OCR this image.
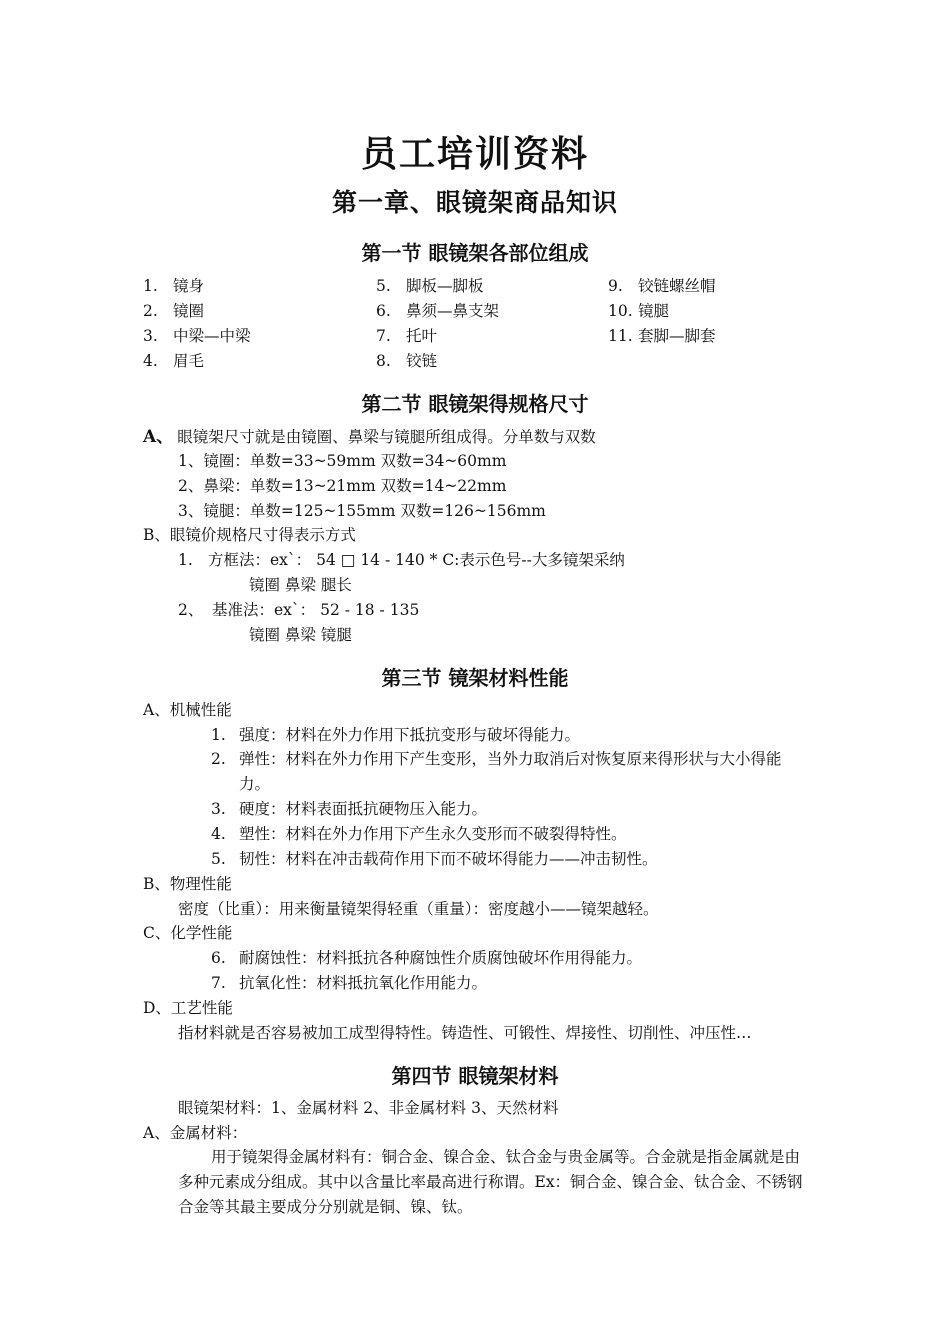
员工培训资料
第一章、眼镜架商品知识
第一节 眼镜架各部位组成
1. 镜身
2. 镜圈
3. 中梁—中梁
4. 眉毛
5. 脚板—脚板
6. 鼻须—鼻支架
7. 托叶
8. 铰链
9. 铰链螺丝帽
10. 镜腿
11. 套脚—脚套
第二节 眼镜架得规格尺寸
A、 眼镜架尺寸就是由镜圈、鼻梁与镜腿所组成得。分单数与双数
1、镜圈：单数=33~59mm 双数=34~60mm
2、鼻梁：单数=13~21mm 双数=14~22mm
3、镜腿：单数=125~155mm 双数=126~156mm
B、眼镜价规格尺寸得表示方式
1. 方框法：ex`： 54 □ 14 - 140 * C:表示色号--大多镜架采纳
镜圈 鼻梁 腿长
2、 基准法：ex`： 52 - 18 - 135
镜圈 鼻梁 镜腿
第三节 镜架材料性能
A、机械性能
1. 强度：材料在外力作用下抵抗变形与破坏得能力。
2. 弹性：材料在外力作用下产生变形，当外力取消后对恢复原来得形状与大小得能力。
3. 硬度：材料表面抵抗硬物压入能力。
4. 塑性：材料在外力作用下产生永久变形而不破裂得特性。
5. 韧性：材料在冲击载荷作用下而不破坏得能力——冲击韧性。
B、物理性能
密度（比重）：用来衡量镜架得轻重（重量）：密度越小——镜架越轻。
C、化学性能
6. 耐腐蚀性：材料抵抗各种腐蚀性介质腐蚀破坏作用得能力。
7. 抗氧化性：材料抵抗氧化作用能力。
D、工艺性能
指材料就是否容易被加工成型得特性。铸造性、可锻性、焊接性、切削性、冲压性…
第四节 眼镜架材料
眼镜架材料：1、金属材料 2、非金属材料 3、天然材料
A、金属材料：
用于镜架得金属材料有：铜合金、镍合金、钛合金与贵金属等。合金就是指金属就是由多种元素成分组成。其中以含量比率最高进行称谓。Ex：铜合金、镍合金、钛合金、不锈钢合金等其最主要成分分别就是铜、镍、钛。
